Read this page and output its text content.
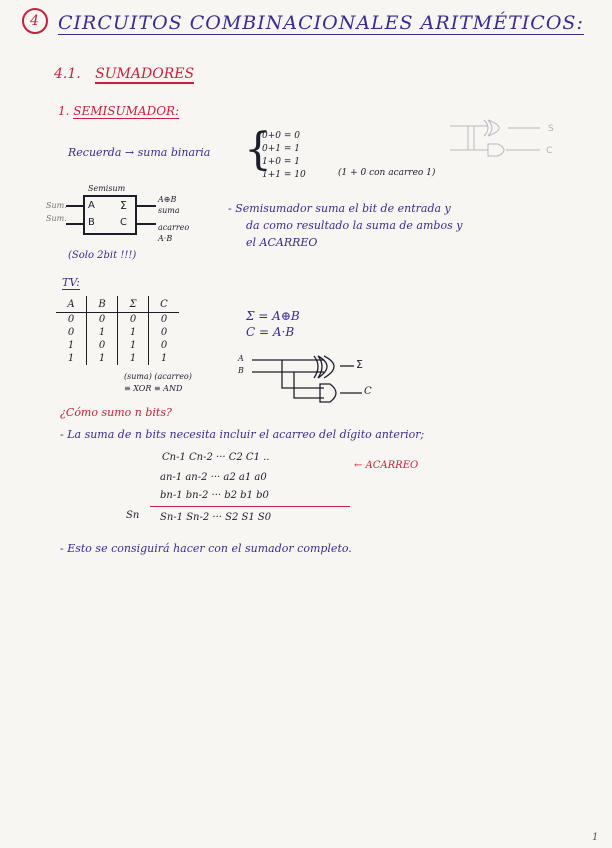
4 CIRCUITOS COMBINACIONALES ARITMÉTICOS:
4.1. SUMADORES
1. SEMISUMADOR:
Recuerda → suma binaria {
0+0 = 0
0+1 = 1
1+0 = 1
1+1 = 10	(1 + 0 con acarreo 1)
S
C
Sum.
Sum.
Semisum
A
B
Σ
C
A⊕B
suma
acarreo
A·B
- Semisumador suma el bit de entrada y
da como resultado la suma de ambos y
el ACARREO
(Solo 2bit !!!)
TV:
A	B	Σ	C
0	0	0	0
0	1	1	0
1	0	1	0
1	1	1	1
(suma) (acarreo)
≡ XOR ≡ AND
Σ = A⊕B
C = A·B
A
B	Σ
C
¿Cómo sumo n bits?
- La suma de n bits necesita incluir el acarreo del dígito anterior;
Cn-1 Cn-2 ··· C2 C1 ..
← ACARREO
an-1 an-2 ··· a2 a1 a0
bn-1 bn-2 ··· b2 b1 b0
Sn Sn-1 Sn-2 ··· S2 S1 S0
- Esto se consiguirá hacer con el sumador completo.
1
